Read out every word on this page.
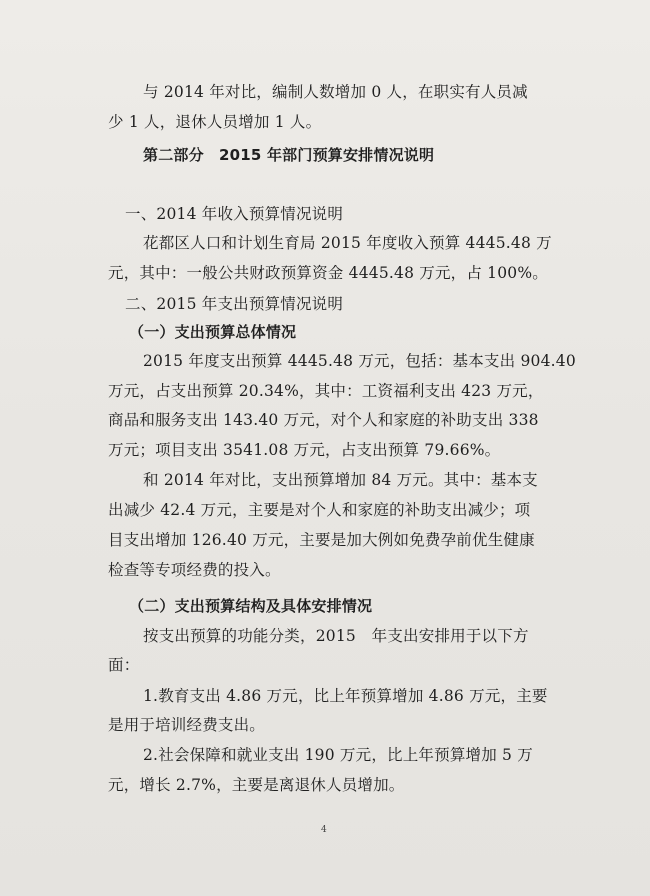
与 2014 年对比，编制人数增加 0 人，在职实有人员减
少 1 人，退休人员增加 1 人。
第二部分　2015 年部门预算安排情况说明
一、2014 年收入预算情况说明
花都区人口和计划生育局 2015 年度收入预算 4445.48 万
元，其中：一般公共财政预算资金 4445.48 万元，占 100%。
二、2015 年支出预算情况说明
（一）支出预算总体情况
2015 年度支出预算 4445.48 万元，包括：基本支出 904.40
万元，占支出预算 20.34%，其中：工资福利支出 423 万元，
商品和服务支出 143.40 万元，对个人和家庭的补助支出 338
万元；项目支出 3541.08 万元，占支出预算 79.66%。
和 2014 年对比，支出预算增加 84 万元。其中：基本支
出减少 42.4 万元，主要是对个人和家庭的补助支出减少；项
目支出增加 126.40 万元，主要是加大例如免费孕前优生健康
检查等专项经费的投入。
（二）支出预算结构及具体安排情况
按支出预算的功能分类，2015　年支出安排用于以下方
面：
1.教育支出 4.86 万元，比上年预算增加 4.86 万元，主要
是用于培训经费支出。
2.社会保障和就业支出 190 万元，比上年预算增加 5 万
元，增长 2.7%，主要是离退休人员增加。
4
